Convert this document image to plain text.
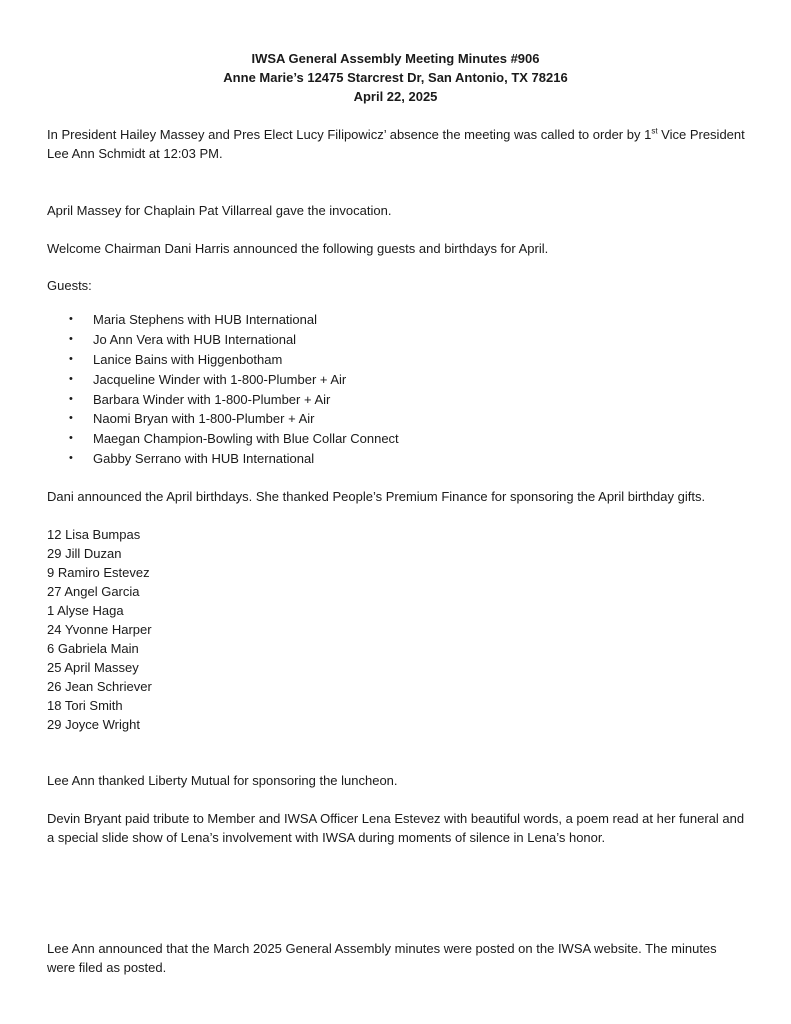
IWSA General Assembly Meeting Minutes #906
Anne Marie’s 12475 Starcrest Dr, San Antonio, TX 78216
April 22, 2025

In President Hailey Massey and Pres Elect Lucy Filipowicz’ absence the meeting was called to order by 1st Vice President Lee Ann Schmidt at 12:03 PM.

April Massey for Chaplain Pat Villarreal gave the invocation.

Welcome Chairman Dani Harris announced the following guests and birthdays for April.

Guests:

• Maria Stephens with HUB International
• Jo Ann Vera with HUB International
• Lanice Bains with Higgenbotham
• Jacqueline Winder with 1-800-Plumber + Air
• Barbara Winder with 1-800-Plumber + Air
• Naomi Bryan with 1-800-Plumber + Air
• Maegan Champion-Bowling with Blue Collar Connect
• Gabby Serrano with HUB International

Dani announced the April birthdays. She thanked People’s Premium Finance for sponsoring the April birthday gifts.

12 Lisa Bumpas
29 Jill Duzan
9 Ramiro Estevez
27 Angel Garcia
1 Alyse Haga
24 Yvonne Harper
6 Gabriela Main
25 April Massey
26 Jean Schriever
18 Tori Smith
29 Joyce Wright

Lee Ann thanked Liberty Mutual for sponsoring the luncheon.

Devin Bryant paid tribute to Member and IWSA Officer Lena Estevez with beautiful words, a poem read at her funeral and a special slide show of Lena’s involvement with IWSA during moments of silence in Lena’s honor.

Lee Ann announced that the March 2025 General Assembly minutes were posted on the IWSA website. The minutes were filed as posted.
